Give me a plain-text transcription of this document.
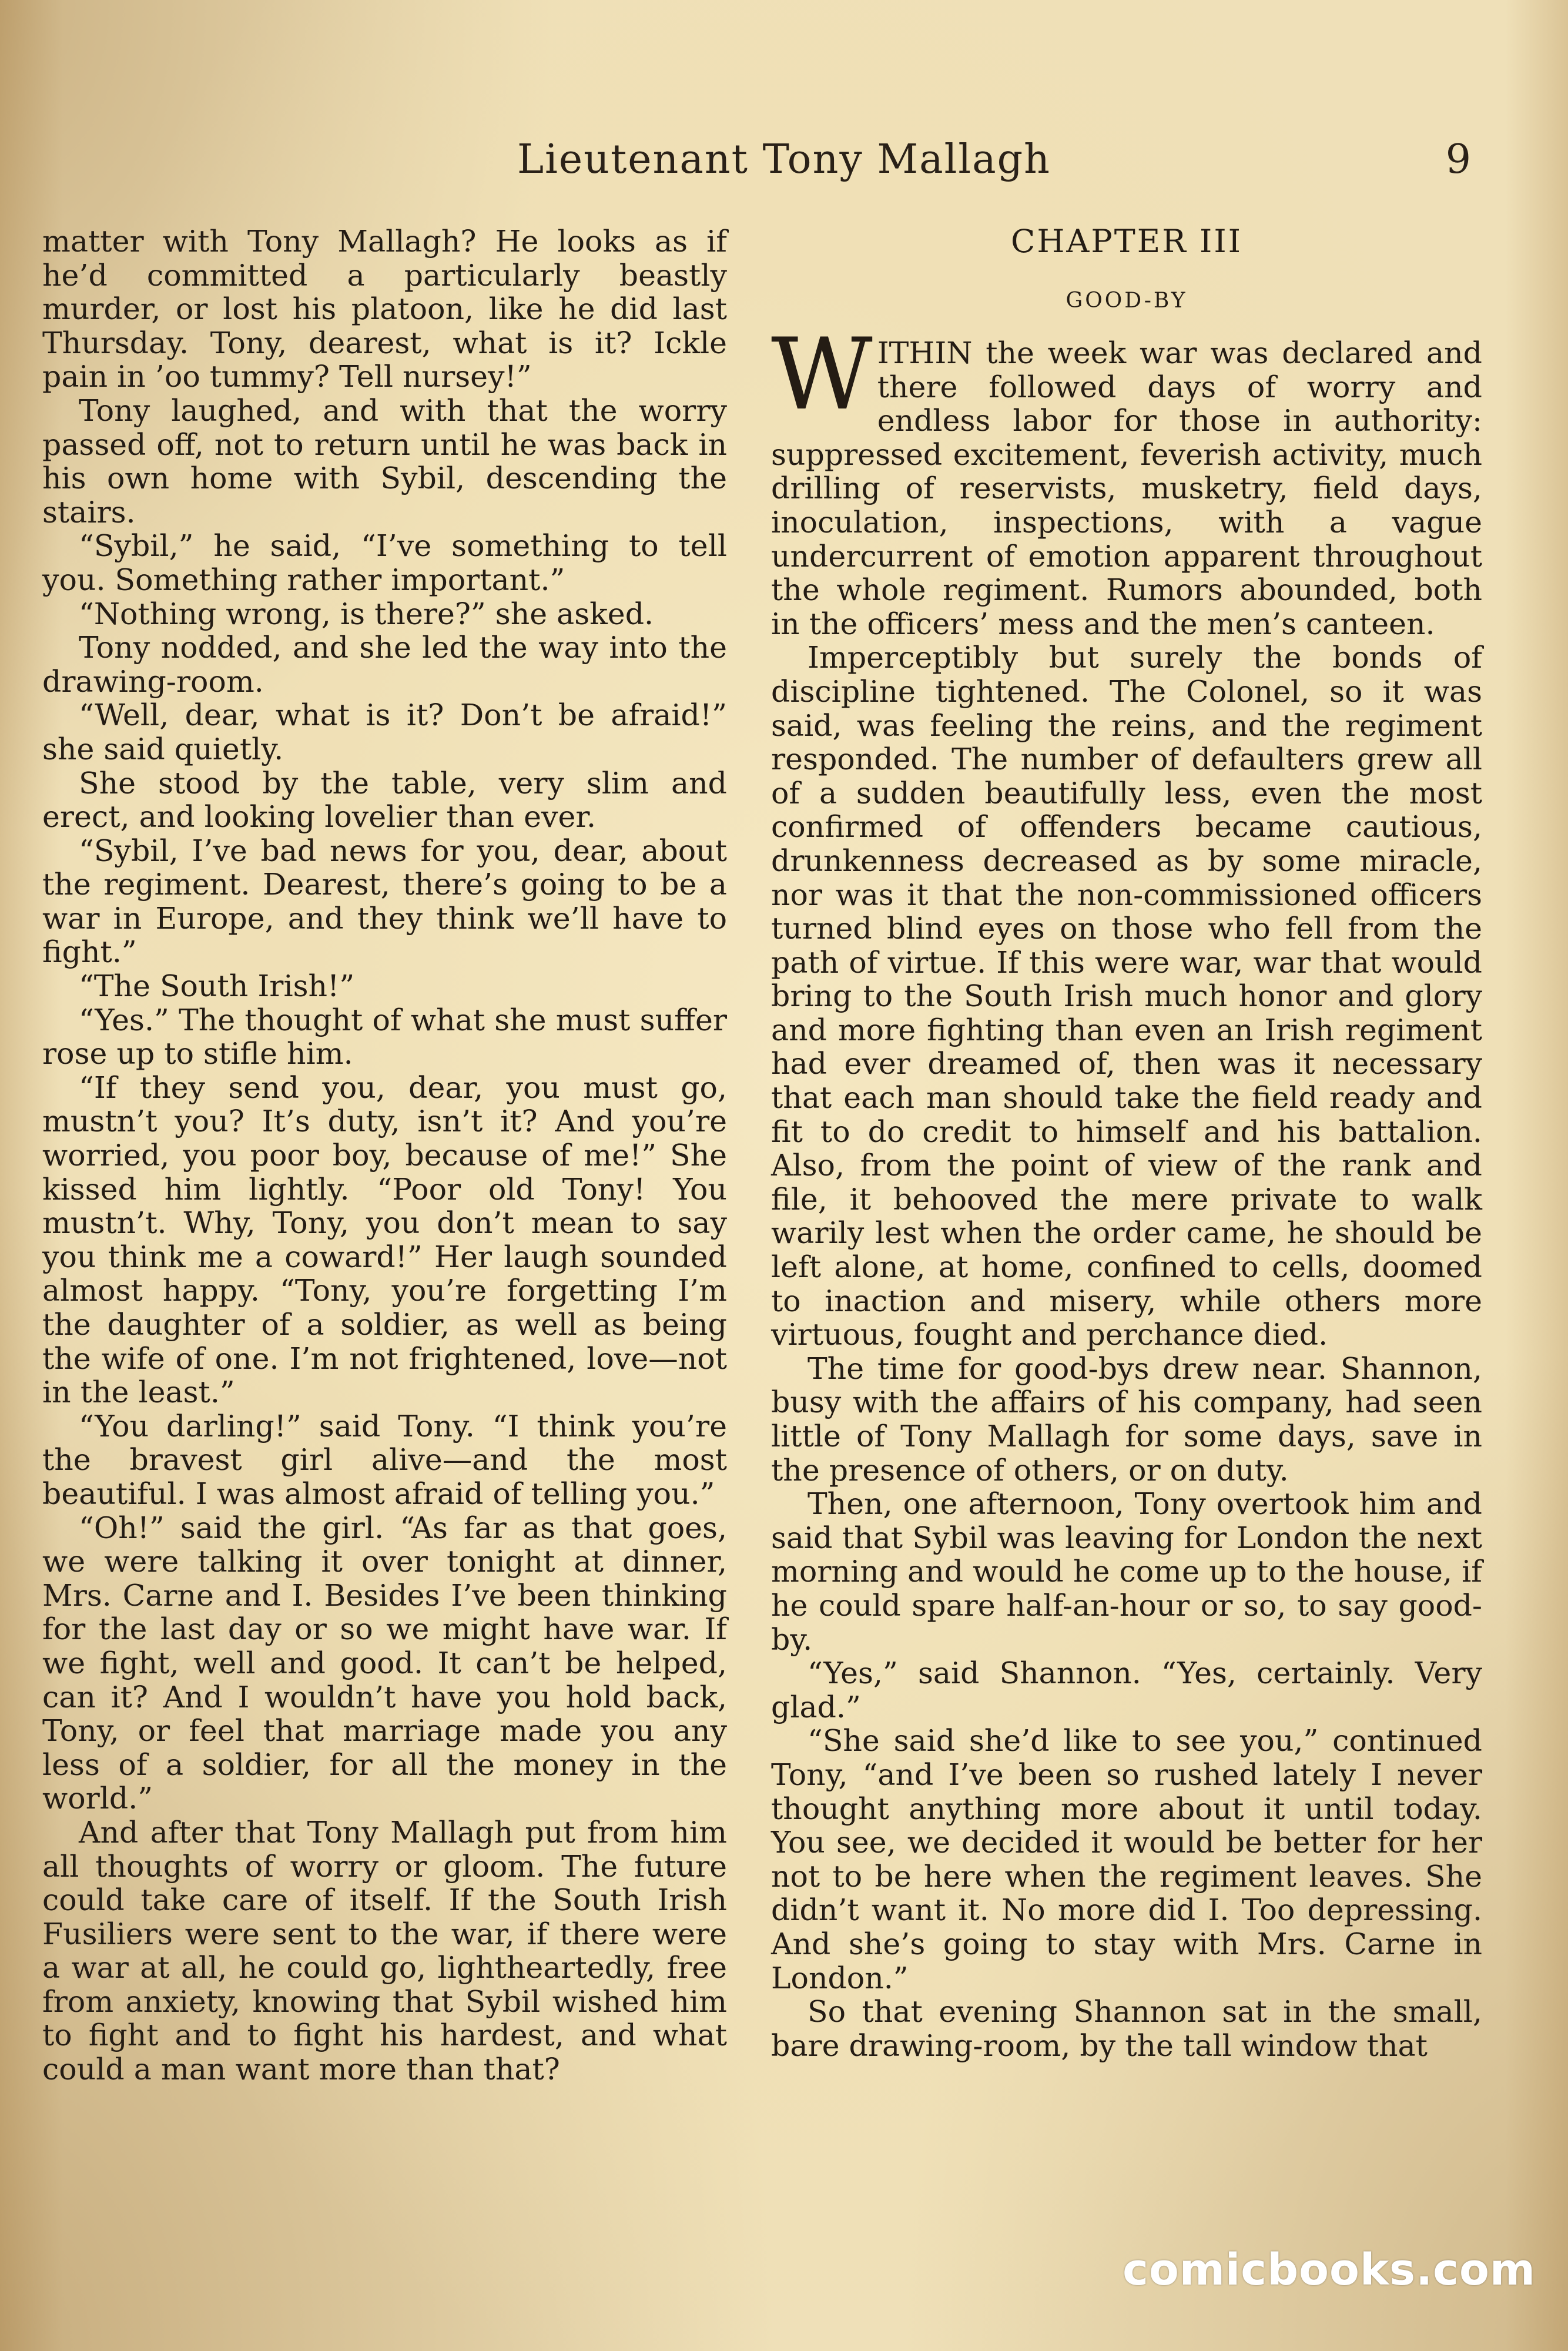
Lieutenant Tony Mallagh	9

matter with Tony Mallagh? He looks as if he’d committed a particularly beastly murder, or lost his platoon, like he did last Thursday. Tony, dearest, what is it? Ickle pain in ’oo tummy? Tell nursey!”

Tony laughed, and with that the worry passed off, not to return until he was back in his own home with Sybil, descending the stairs.

“Sybil,” he said, “I’ve something to tell you. Something rather important.”

“Nothing wrong, is there?” she asked.

Tony nodded, and she led the way into the drawing-room.

“Well, dear, what is it? Don’t be afraid!” she said quietly.

She stood by the table, very slim and erect, and looking lovelier than ever.

“Sybil, I’ve bad news for you, dear, about the regiment. Dearest, there’s going to be a war in Europe, and they think we’ll have to fight.”

“The South Irish!”

“Yes.” The thought of what she must suffer rose up to stifle him.

“If they send you, dear, you must go, mustn’t you? It’s duty, isn’t it? And you’re worried, you poor boy, because of me!” She kissed him lightly. “Poor old Tony! You mustn’t. Why, Tony, you don’t mean to say you think me a coward!” Her laugh sounded almost happy. “Tony, you’re forgetting I’m the daughter of a soldier, as well as being the wife of one. I’m not frightened, love—not in the least.”

“You darling!” said Tony. “I think you’re the bravest girl alive—and the most beautiful. I was almost afraid of telling you.”

“Oh!” said the girl. “As far as that goes, we were talking it over tonight at dinner, Mrs. Carne and I. Besides I’ve been thinking for the last day or so we might have war. If we fight, well and good. It can’t be helped, can it? And I wouldn’t have you hold back, Tony, or feel that marriage made you any less of a soldier, for all the money in the world.”

And after that Tony Mallagh put from him all thoughts of worry or gloom. The future could take care of itself. If the South Irish Fusiliers were sent to the war, if there were a war at all, he could go, lightheartedly, free from anxiety, knowing that Sybil wished him to fight and to fight his hardest, and what could a man want more than that?

CHAPTER III

GOOD-BY

WITHIN the week war was declared and there followed days of worry and endless labor for those in authority: suppressed excitement, feverish activity, much drilling of reservists, musketry, field days, inoculation, inspections, with a vague undercurrent of emotion apparent throughout the whole regiment. Rumors abounded, both in the officers’ mess and the men’s canteen.

Imperceptibly but surely the bonds of discipline tightened. The Colonel, so it was said, was feeling the reins, and the regiment responded. The number of defaulters grew all of a sudden beautifully less, even the most confirmed of offenders became cautious, drunkenness decreased as by some miracle, nor was it that the non-commissioned officers turned blind eyes on those who fell from the path of virtue. If this were war, war that would bring to the South Irish much honor and glory and more fighting than even an Irish regiment had ever dreamed of, then was it necessary that each man should take the field ready and fit to do credit to himself and his battalion. Also, from the point of view of the rank and file, it behooved the mere private to walk warily lest when the order came, he should be left alone, at home, confined to cells, doomed to inaction and misery, while others more virtuous, fought and perchance died.

The time for good-bys drew near. Shannon, busy with the affairs of his company, had seen little of Tony Mallagh for some days, save in the presence of others, or on duty.

Then, one afternoon, Tony overtook him and said that Sybil was leaving for London the next morning and would he come up to the house, if he could spare half-an-hour or so, to say good-by.

“Yes,” said Shannon. “Yes, certainly. Very glad.”

“She said she’d like to see you,” continued Tony, “and I’ve been so rushed lately I never thought anything more about it until today. You see, we decided it would be better for her not to be here when the regiment leaves. She didn’t want it. No more did I. Too depressing. And she’s going to stay with Mrs. Carne in London.”

So that evening Shannon sat in the small, bare drawing-room, by the tall window that

comicbooks.com
